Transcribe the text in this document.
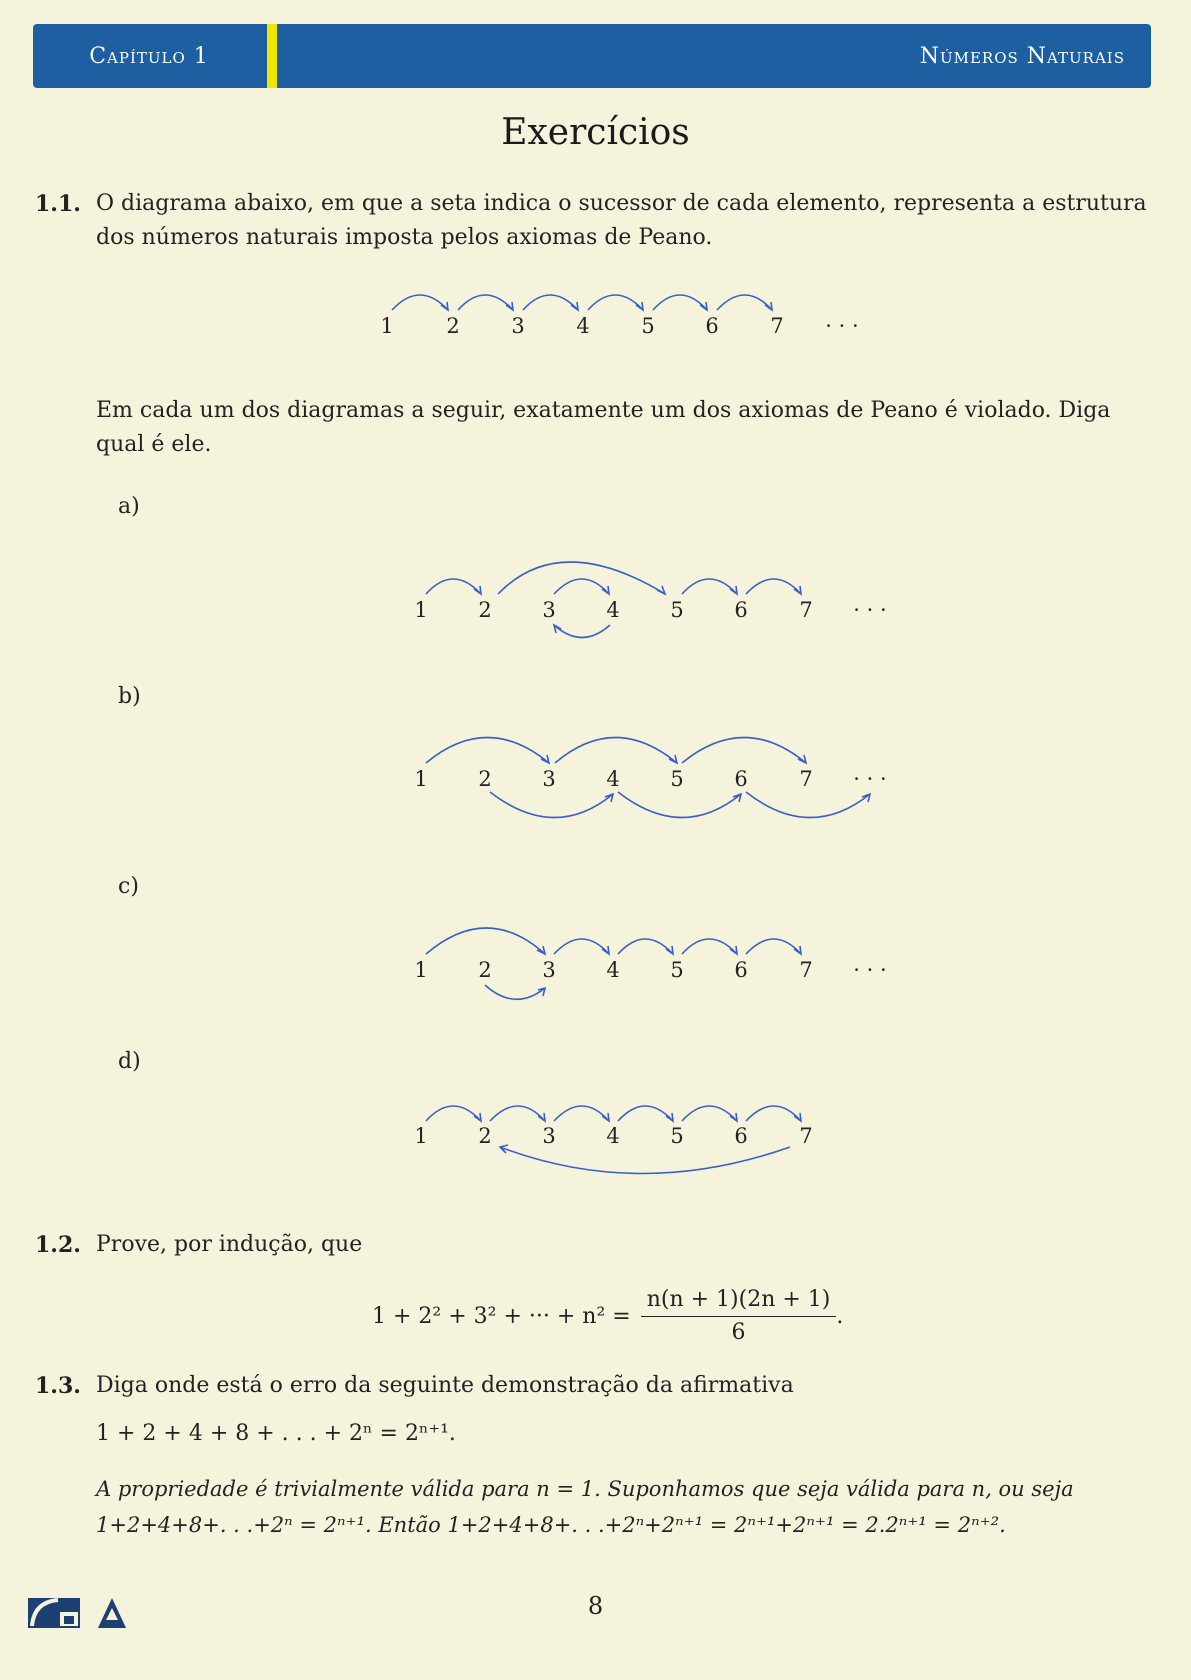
Capítulo 1	Números Naturais
Exercícios
1.1. O diagrama abaixo, em que a seta indica o sucessor de cada elemento, representa a estrutura dos números naturais imposta pelos axiomas de Peano.
1	2 3 4 5 6 7 · · ·
Em cada um dos diagramas a seguir, exatamente um dos axiomas de Peano é violado. Diga qual é ele.
a)
1 2 3 4 5 6 7 · · ·
b)
1 2 3 4 5 6 7 · · ·
c)
1 2 3 4 5 6 7 · · ·
d)
1 2 3 4 5 6 7
1.2. Prove, por indução, que
1 + 2² + 3² + ··· + $n^2 = \frac{n(n + 1)(2n + 1)}{6}$ .
1.3. Diga onde está o erro da seguinte demonstração da afirmativa
1 + 2 + 4 + 8 + . . . + 2ⁿ = 2ⁿ⁺¹.
A propriedade é trivialmente válida para n = 1. Suponhamos que seja válida para n, ou seja
1+2+4+8+. . .+2ⁿ = 2ⁿ⁺¹. Então 1+2+4+8+. . .+2ⁿ+2ⁿ⁺¹ = 2ⁿ⁺¹+2ⁿ⁺¹ = 2.2ⁿ⁺¹ = 2ⁿ⁺².
8
